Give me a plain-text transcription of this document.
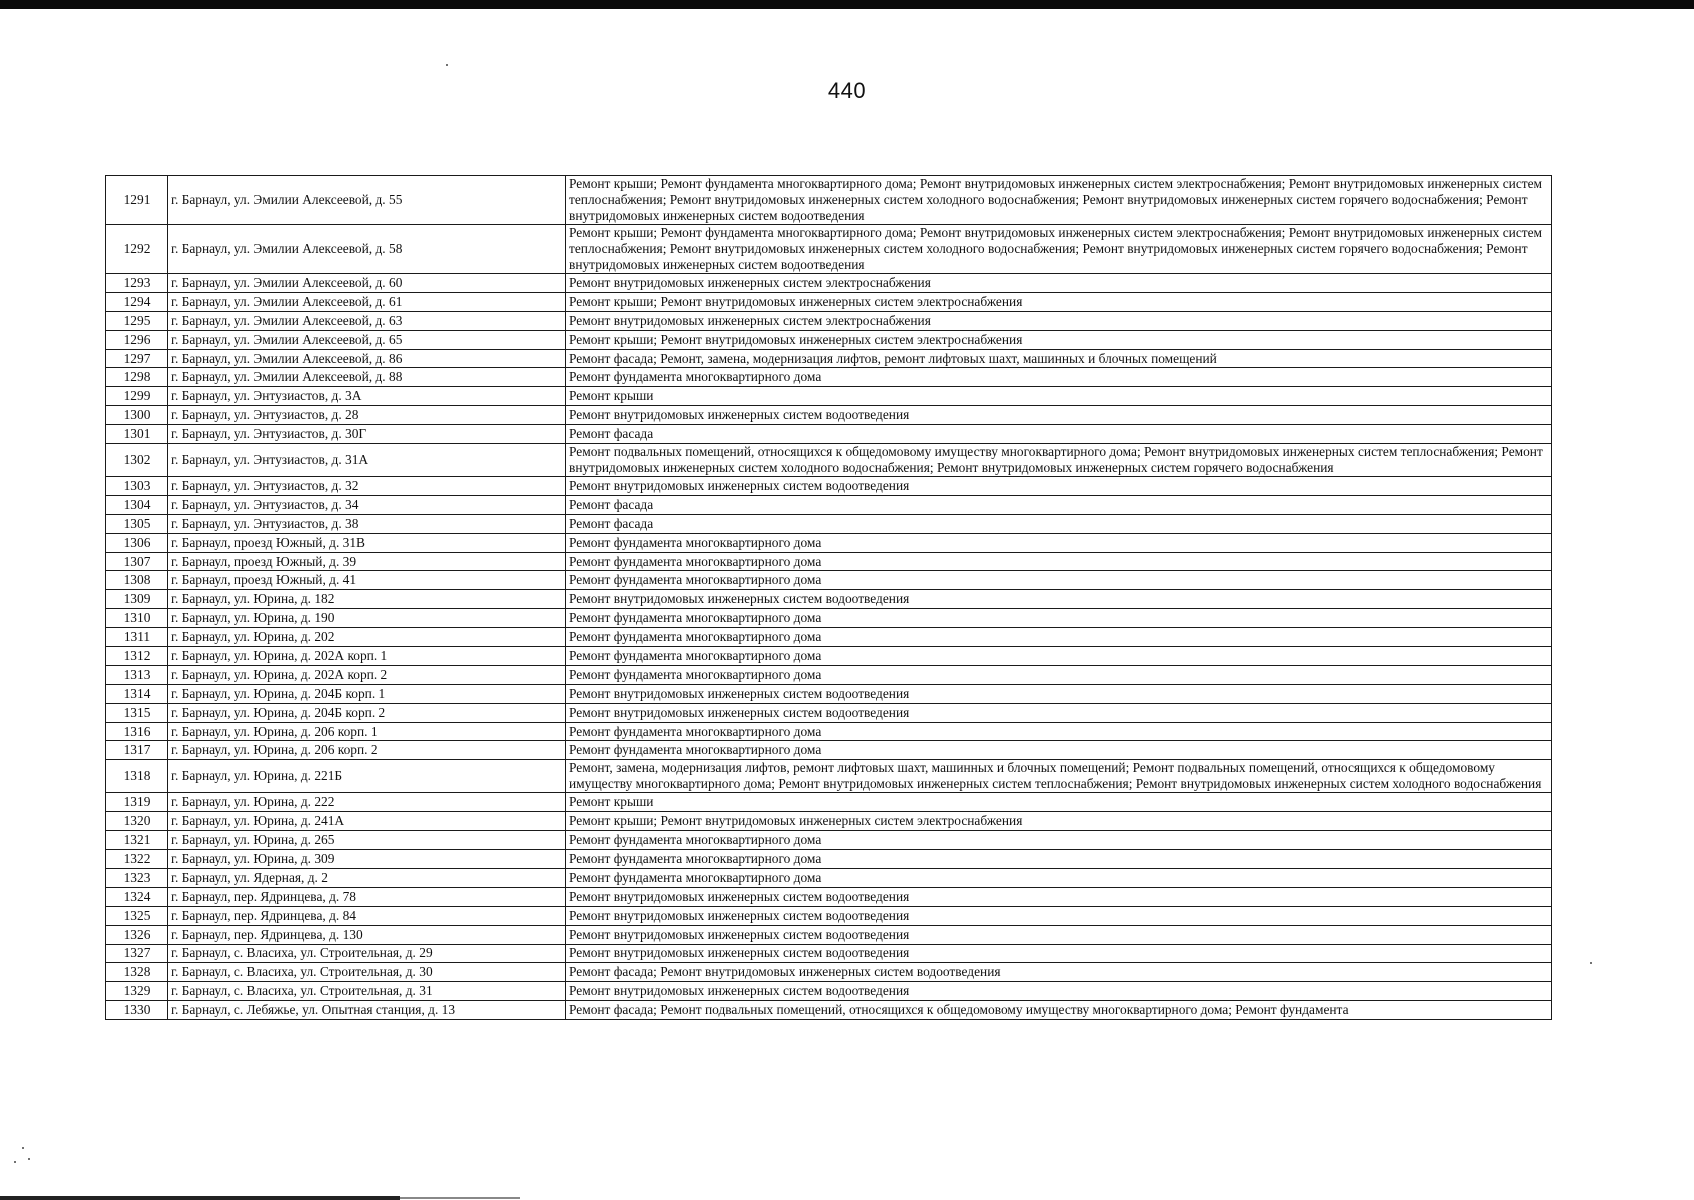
440
1291	г. Барнаул, ул. Эмилии Алексеевой, д. 55	Ремонт крыши; Ремонт фундамента многоквартирного дома; Ремонт внутридомовых инженерных систем электроснабжения; Ремонт внутридомовых инженерных систем теплоснабжения; Ремонт внутридомовых инженерных систем холодного водоснабжения; Ремонт внутридомовых инженерных систем горячего водоснабжения; Ремонт внутридомовых инженерных систем водоотведения
1292	г. Барнаул, ул. Эмилии Алексеевой, д. 58	Ремонт крыши; Ремонт фундамента многоквартирного дома; Ремонт внутридомовых инженерных систем электроснабжения; Ремонт внутридомовых инженерных систем теплоснабжения; Ремонт внутридомовых инженерных систем холодного водоснабжения; Ремонт внутридомовых инженерных систем горячего водоснабжения; Ремонт внутридомовых инженерных систем водоотведения
1293	г. Барнаул, ул. Эмилии Алексеевой, д. 60	Ремонт внутридомовых инженерных систем электроснабжения
1294	г. Барнаул, ул. Эмилии Алексеевой, д. 61	Ремонт крыши; Ремонт внутридомовых инженерных систем электроснабжения
1295	г. Барнаул, ул. Эмилии Алексеевой, д. 63	Ремонт внутридомовых инженерных систем электроснабжения
1296	г. Барнаул, ул. Эмилии Алексеевой, д. 65	Ремонт крыши; Ремонт внутридомовых инженерных систем электроснабжения
1297	г. Барнаул, ул. Эмилии Алексеевой, д. 86	Ремонт фасада; Ремонт, замена, модернизация лифтов, ремонт лифтовых шахт, машинных и блочных помещений
1298	г. Барнаул, ул. Эмилии Алексеевой, д. 88	Ремонт фундамента многоквартирного дома
1299	г. Барнаул, ул. Энтузиастов, д. 3А	Ремонт крыши
1300	г. Барнаул, ул. Энтузиастов, д. 28	Ремонт внутридомовых инженерных систем водоотведения
1301	г. Барнаул, ул. Энтузиастов, д. 30Г	Ремонт фасада
1302	г. Барнаул, ул. Энтузиастов, д. 31А	Ремонт подвальных помещений, относящихся к общедомовому имуществу многоквартирного дома; Ремонт внутридомовых инженерных систем теплоснабжения; Ремонт внутридомовых инженерных систем холодного водоснабжения; Ремонт внутридомовых инженерных систем горячего водоснабжения
1303	г. Барнаул, ул. Энтузиастов, д. 32	Ремонт внутридомовых инженерных систем водоотведения
1304	г. Барнаул, ул. Энтузиастов, д. 34	Ремонт фасада
1305	г. Барнаул, ул. Энтузиастов, д. 38	Ремонт фасада
1306	г. Барнаул, проезд Южный, д. 31В	Ремонт фундамента многоквартирного дома
1307	г. Барнаул, проезд Южный, д. 39	Ремонт фундамента многоквартирного дома
1308	г. Барнаул, проезд Южный, д. 41	Ремонт фундамента многоквартирного дома
1309	г. Барнаул, ул. Юрина, д. 182	Ремонт внутридомовых инженерных систем водоотведения
1310	г. Барнаул, ул. Юрина, д. 190	Ремонт фундамента многоквартирного дома
1311	г. Барнаул, ул. Юрина, д. 202	Ремонт фундамента многоквартирного дома
1312	г. Барнаул, ул. Юрина, д. 202А корп. 1	Ремонт фундамента многоквартирного дома
1313	г. Барнаул, ул. Юрина, д. 202А корп. 2	Ремонт фундамента многоквартирного дома
1314	г. Барнаул, ул. Юрина, д. 204Б корп. 1	Ремонт внутридомовых инженерных систем водоотведения
1315	г. Барнаул, ул. Юрина, д. 204Б корп. 2	Ремонт внутридомовых инженерных систем водоотведения
1316	г. Барнаул, ул. Юрина, д. 206 корп. 1	Ремонт фундамента многоквартирного дома
1317	г. Барнаул, ул. Юрина, д. 206 корп. 2	Ремонт фундамента многоквартирного дома
1318	г. Барнаул, ул. Юрина, д. 221Б	Ремонт, замена, модернизация лифтов, ремонт лифтовых шахт, машинных и блочных помещений; Ремонт подвальных помещений, относящихся к общедомовому имуществу многоквартирного дома; Ремонт внутридомовых инженерных систем теплоснабжения; Ремонт внутридомовых инженерных систем холодного водоснабжения
1319	г. Барнаул, ул. Юрина, д. 222	Ремонт крыши
1320	г. Барнаул, ул. Юрина, д. 241А	Ремонт крыши; Ремонт внутридомовых инженерных систем электроснабжения
1321	г. Барнаул, ул. Юрина, д. 265	Ремонт фундамента многоквартирного дома
1322	г. Барнаул, ул. Юрина, д. 309	Ремонт фундамента многоквартирного дома
1323	г. Барнаул, ул. Ядерная, д. 2	Ремонт фундамента многоквартирного дома
1324	г. Барнаул, пер. Ядринцева, д. 78	Ремонт внутридомовых инженерных систем водоотведения
1325	г. Барнаул, пер. Ядринцева, д. 84	Ремонт внутридомовых инженерных систем водоотведения
1326	г. Барнаул, пер. Ядринцева, д. 130	Ремонт внутридомовых инженерных систем водоотведения
1327	г. Барнаул, с. Власиха, ул. Строительная, д. 29	Ремонт внутридомовых инженерных систем водоотведения
1328	г. Барнаул, с. Власиха, ул. Строительная, д. 30	Ремонт фасада; Ремонт внутридомовых инженерных систем водоотведения
1329	г. Барнаул, с. Власиха, ул. Строительная, д. 31	Ремонт внутридомовых инженерных систем водоотведения
1330	г. Барнаул, с. Лебяжье, ул. Опытная станция, д. 13	Ремонт фасада; Ремонт подвальных помещений, относящихся к общедомовому имуществу многоквартирного дома; Ремонт фундамента
